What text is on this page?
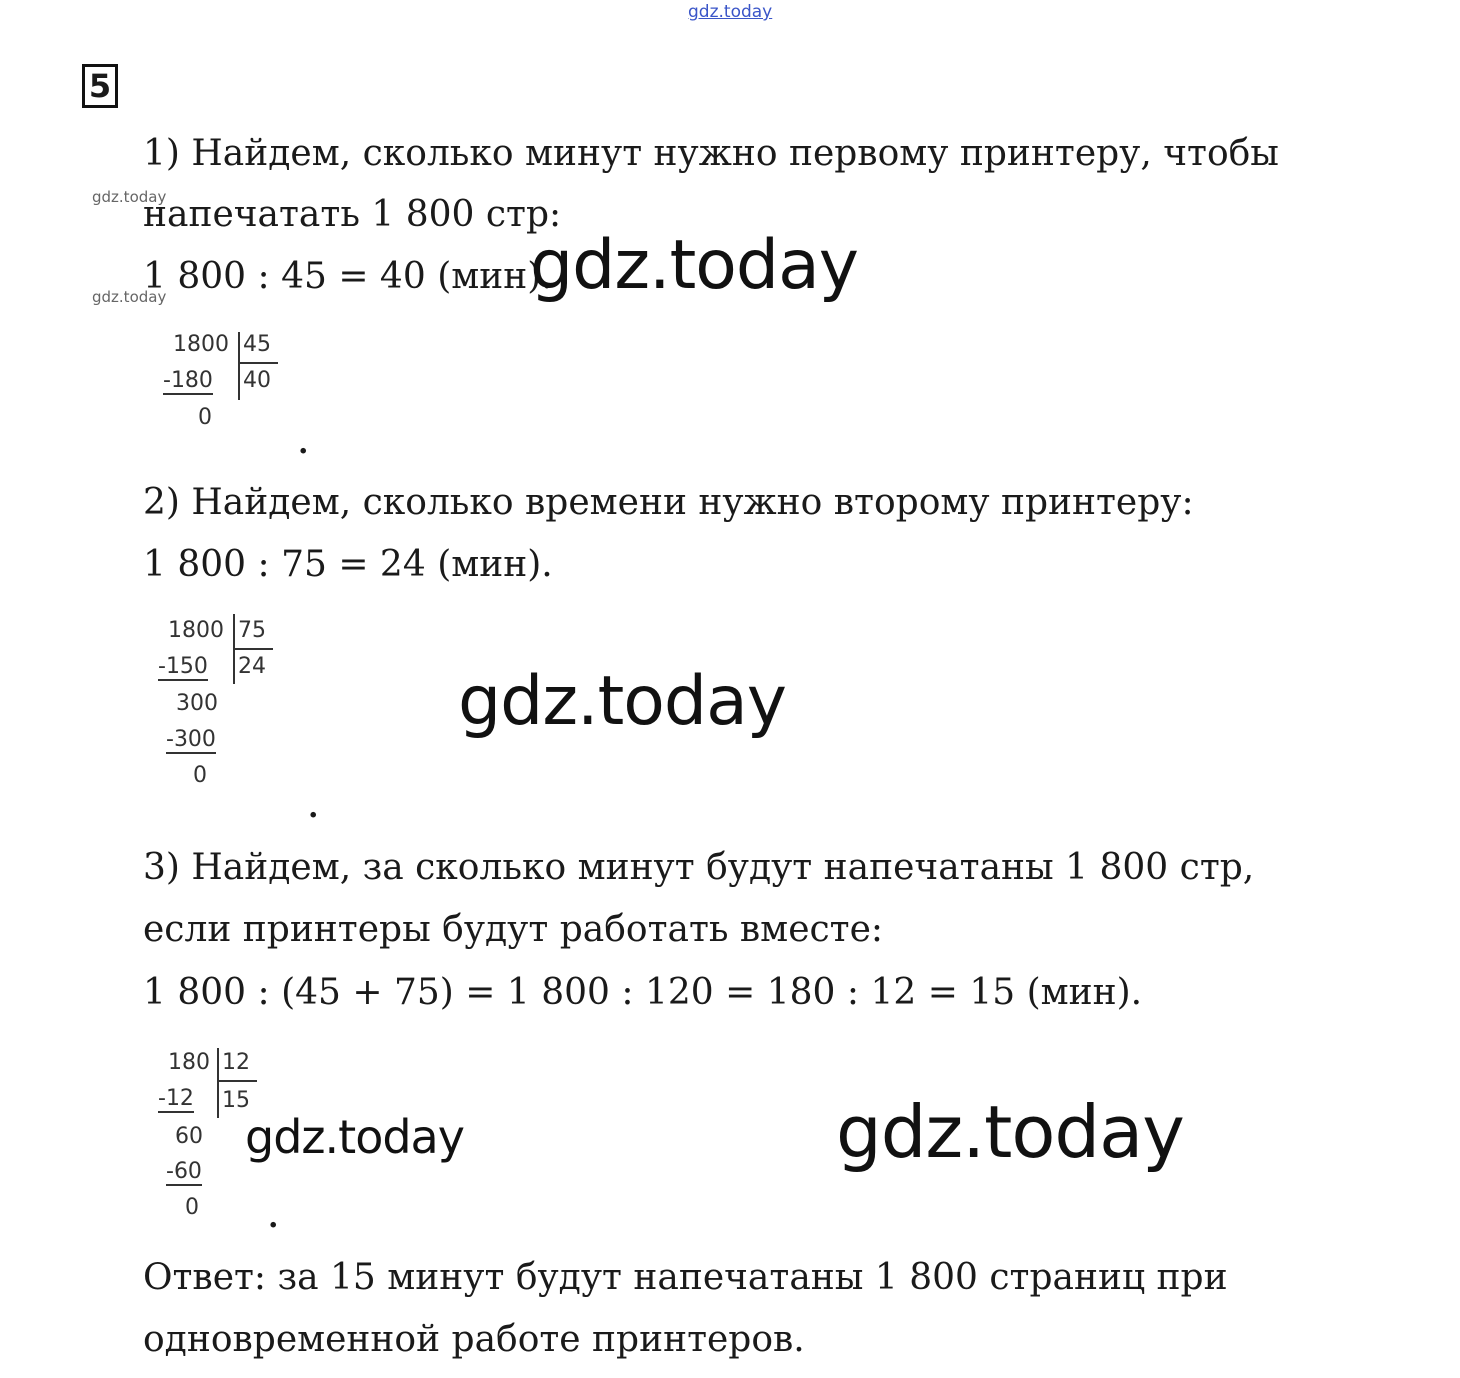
gdz.today
gdz.today
gdz.today
5
1) Найдем, сколько минут нужно первому принтеру, чтобы
напечатать 1 800 стр:
1 800 : 45 = 40 (мин).
gdz.today
1800 45
40
-180
0
.
2) Найдем, сколько времени нужно второму принтеру:
1 800 : 75 = 24 (мин).
1800 75
24
-150
300
-300
0
.
gdz.today
3) Найдем, за сколько минут будут напечатаны 1 800 стр,
если принтеры будут работать вместе:
1 800 : (45 + 75) = 1 800 : 120 = 180 : 12 = 15 (мин).
180 12
15
-12
60
-60
0 .
gdz.today	gdz.today
Ответ: за 15 минут будут напечатаны 1 800 страниц при
одновременной работе принтеров.
